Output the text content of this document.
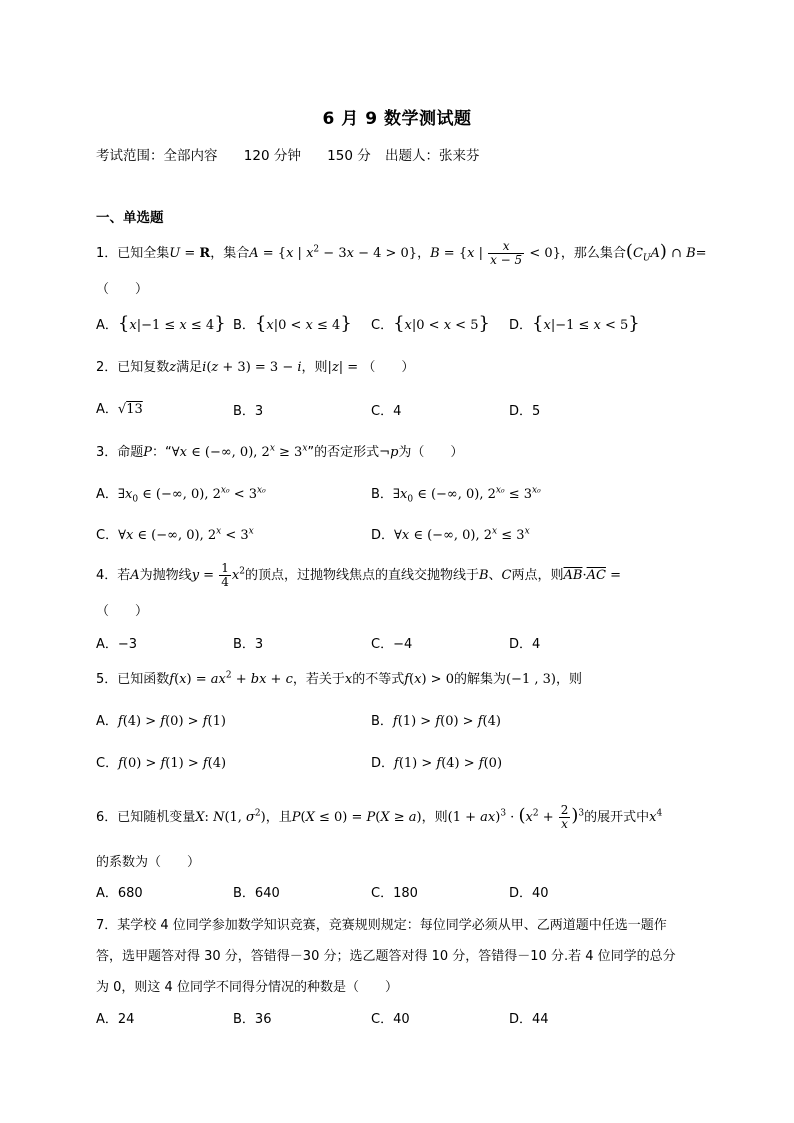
6 月 9 数学测试题
考试范围：全部内容 120 分钟 150 分 出题人：张来芬
一、单选题
1．已知全集U = R，集合A = {x | $x^2 - 3x - 4 > 0$}，B = {x | $\frac{x}{x - 5} < 0$}，那么集合$(C_UA)$ ∩ B=
（　　）
A．{x|−1 ≤ x ≤ 4} B．{x|0 < x ≤ 4} C．{x|0 < x < 5} D．{x|−1 ≤ x < 5}
2．已知复数z满足i(z + 3) = 3 − i，则|z| = （　　）
A．√13	B．3	C．4	D．5
3．命题P：“∀x ∈ (−∞, 0), $2^x \ge 3^x$”的否定形式¬p为（　　）
A．$\exists x_0$ ∈ (−∞, 0), $2^{x_0} < 3^{x_0}$	B．$\exists x_0$ ∈ (−∞, 0), $2^{x_0} \le 3^{x_0}$
C．∀x ∈ (−∞, 0), $2^x < 3^x$	D．∀x ∈ (−∞, 0), $2^x \le 3^x$
4．若A为抛物线$y = \frac{1}{4} x^2$的顶点，过抛物线焦点的直线交抛物线于B、C两点，则$\overline{AB}\cdot\overline{AC}$ =
（　　）
A．−3	B．3	C．−4	D．4
5．已知函数$f(x) = ax^2$ + bx + c，若关于x的不等式f(x) > 0的解集为(−1 , 3)，则
A．f(4) > f(0) > f(1)	B．f(1) > f(0) > f(4)
C．f(0) > f(1) > f(4)	D．f(1) > f(4) > f(0)
6．已知随机变量X: N(1, $\sigma^2$)，且P(X ≤ 0) = P(X ≥ a)，则$(1 + ax)^3 \cdot (x^2 + \frac{2}{x} )^3$的展开式中$x^4$
的系数为（　　）
A．680	B．640	C．180	D．40
7．某学校 4 位同学参加数学知识竞赛，竞赛规则规定：每位同学必须从甲、乙两道题中任选一题作
答，选甲题答对得 30 分，答错得－30 分；选乙题答对得 10 分，答错得－10 分.若 4 位同学的总分
为 0，则这 4 位同学不同得分情况的种数是（　　）
A．24	B．36	C．40	D．44
